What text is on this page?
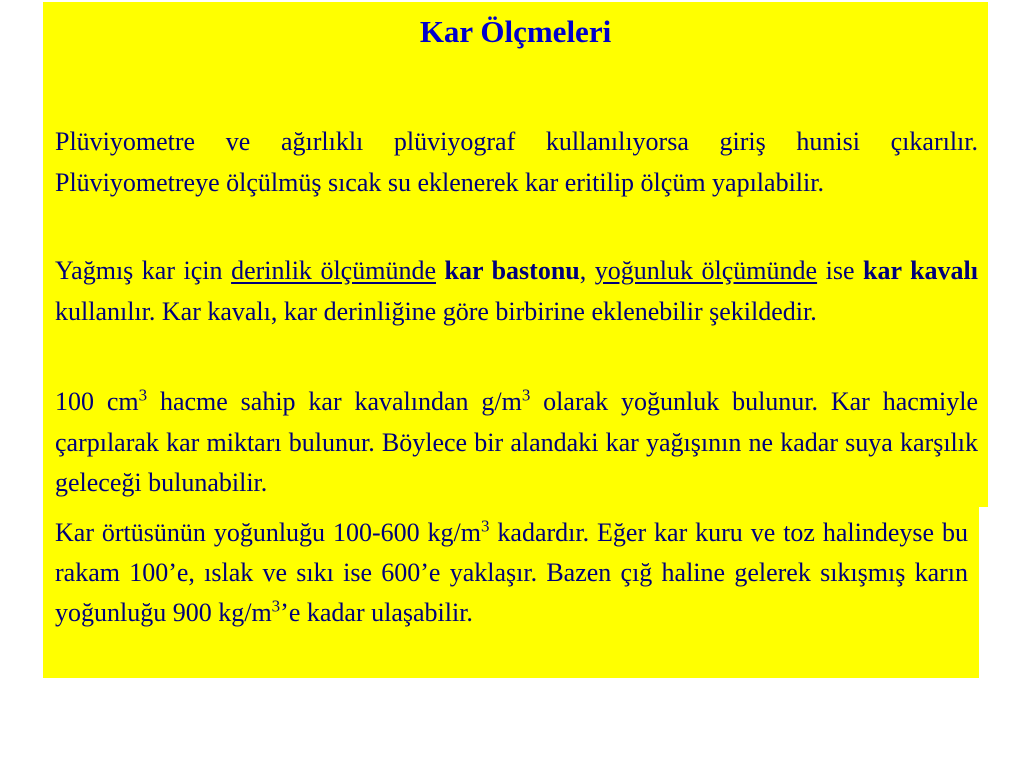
Kar Ölçmeleri

Plüviyometre ve ağırlıklı plüviyograf kullanılıyorsa giriş hunisi çıkarılır. Plüviyometreye ölçülmüş sıcak su eklenerek kar eritilip ölçüm yapılabilir.

Yağmış kar için derinlik ölçümünde kar bastonu, yoğunluk ölçümünde ise kar kavalı kullanılır. Kar kavalı, kar derinliğine göre birbirine eklenebilir şekildedir.

100 $cm^3$ hacme sahip kar kavalından $g/m^3$ olarak yoğunluk bulunur. Kar hacmiyle çarpılarak kar miktarı bulunur. Böylece bir alandaki kar yağışının ne kadar suya karşılık geleceği bulunabilir.

Kar örtüsünün yoğunluğu 100-600 $kg/m^3$ kadardır. Eğer kar kuru ve toz halindeyse bu rakam 100’e, ıslak ve sıkı ise 600’e yaklaşır. Bazen çığ haline gelerek sıkışmış karın yoğunluğu 900 $kg/m^3’e$ kadar ulaşabilir.
